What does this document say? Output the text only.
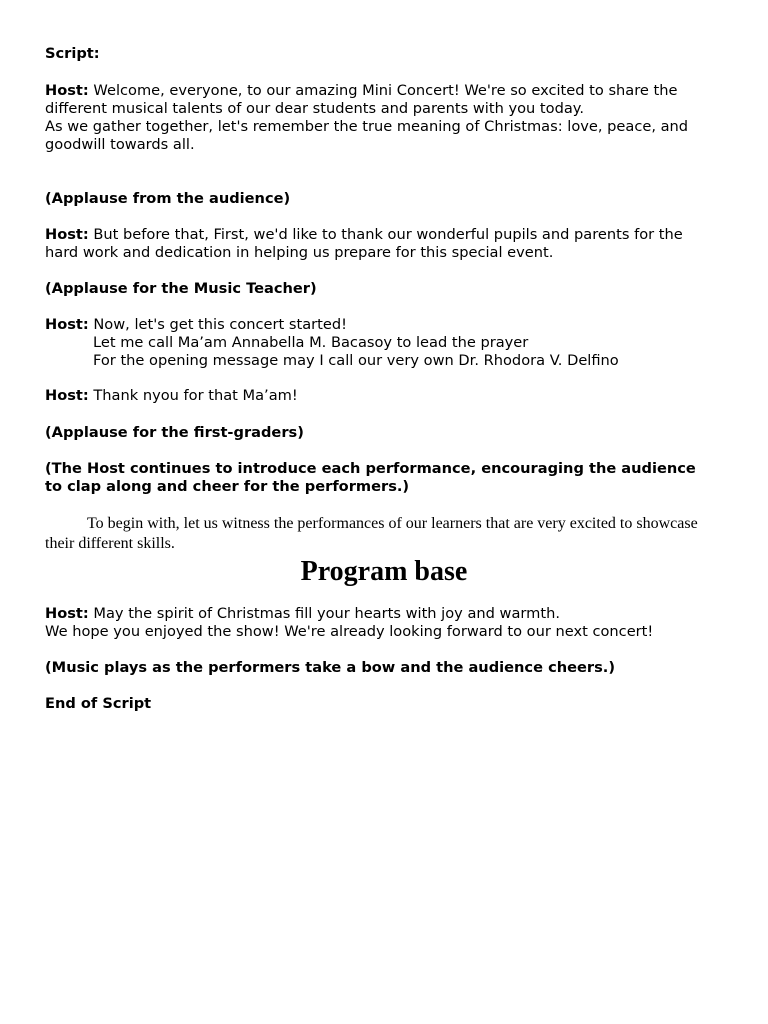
Script:

Host: Welcome, everyone, to our amazing Mini Concert! We're so excited to share the
different musical talents of our dear students and parents with you today.
As we gather together, let's remember the true meaning of Christmas: love, peace, and
goodwill towards all.

(Applause from the audience)

Host: But before that, First, we'd like to thank our wonderful pupils and parents for the
hard work and dedication in helping us prepare for this special event.

(Applause for the Music Teacher)

Host: Now, let's get this concert started!
Let me call Ma’am Annabella M. Bacasoy to lead the prayer
For the opening message may I call our very own Dr. Rhodora V. Delfino

Host: Thank nyou for that Ma’am!

(Applause for the first-graders)

(The Host continues to introduce each performance, encouraging the audience
to clap along and cheer for the performers.)

To begin with, let us witness the performances of our learners that are very excited to showcase their different skills.

Program base

Host: May the spirit of Christmas fill your hearts with joy and warmth.
We hope you enjoyed the show! We're already looking forward to our next concert!

(Music plays as the performers take a bow and the audience cheers.)

End of Script
